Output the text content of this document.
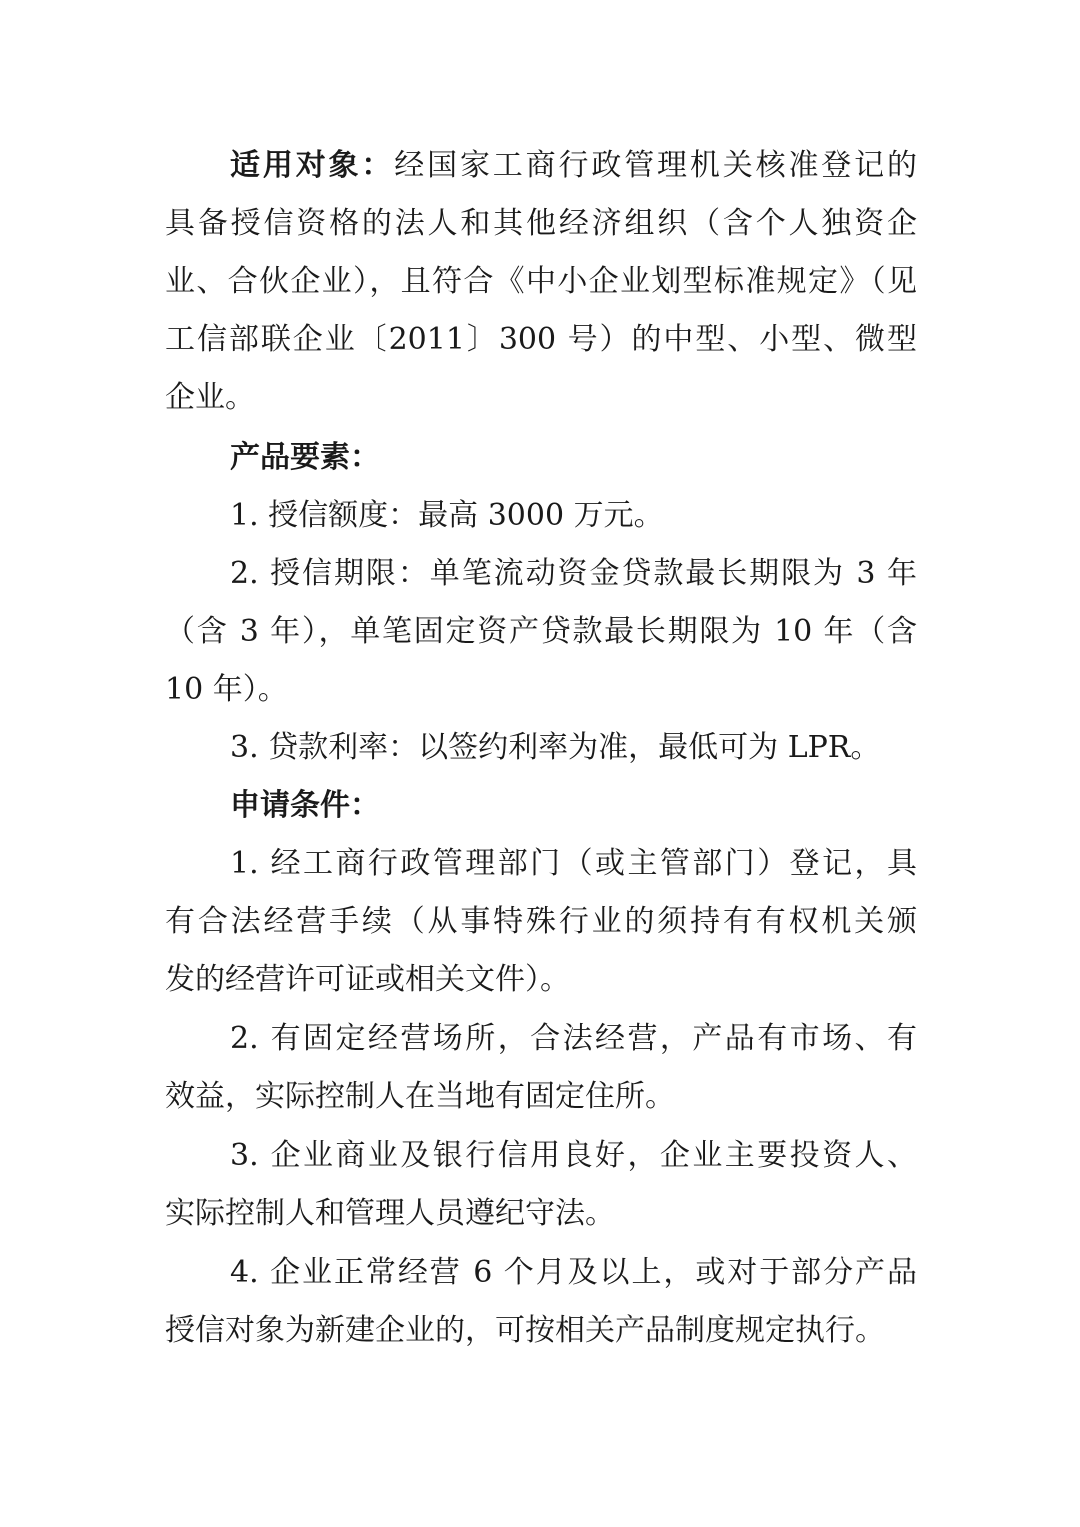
适用对象：经国家工商行政管理机关核准登记的
具备授信资格的法人和其他经济组织（含个人独资企
业、合伙企业），且符合《中小企业划型标准规定》（见
工信部联企业〔2011〕300 号）的中型、小型、微型
企业。
产品要素：
1. 授信额度：最高 3000 万元。
2. 授信期限：单笔流动资金贷款最长期限为 3 年
（含 3 年），单笔固定资产贷款最长期限为 10 年（含
10 年）。
3. 贷款利率：以签约利率为准，最低可为 LPR。
申请条件：
1. 经工商行政管理部门（或主管部门）登记，具
有合法经营手续（从事特殊行业的须持有有权机关颁
发的经营许可证或相关文件）。
2. 有固定经营场所，合法经营，产品有市场、有
效益，实际控制人在当地有固定住所。
3. 企业商业及银行信用良好，企业主要投资人、
实际控制人和管理人员遵纪守法。
4. 企业正常经营 6 个月及以上，或对于部分产品
授信对象为新建企业的，可按相关产品制度规定执行。
